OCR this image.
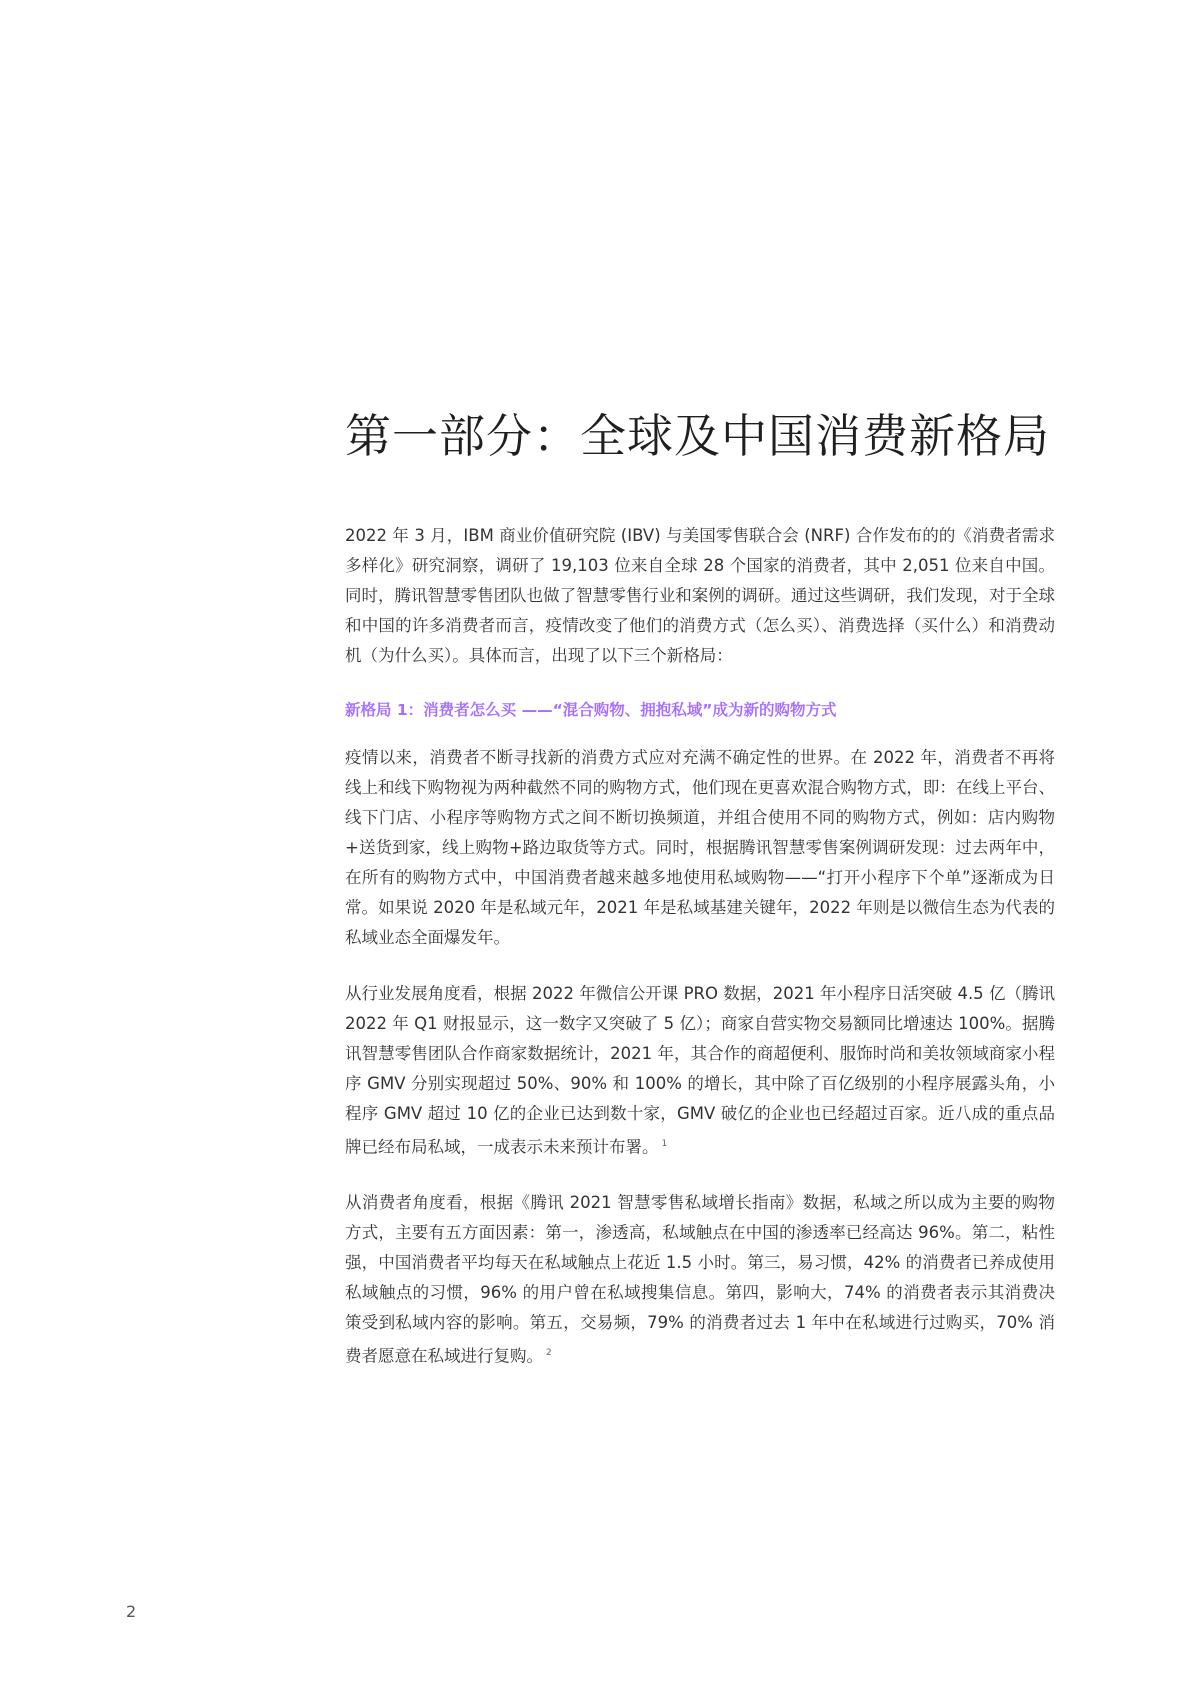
第一部分：全球及中国消费新格局

2022 年 3 月，IBM 商业价值研究院 (IBV) 与美国零售联合会 (NRF) 合作发布的的《消费者需求多样化》研究洞察，调研了 19,103 位来自全球 28 个国家的消费者，其中 2,051 位来自中国。同时，腾讯智慧零售团队也做了智慧零售行业和案例的调研。通过这些调研，我们发现，对于全球和中国的许多消费者而言，疫情改变了他们的消费方式（怎么买）、消费选择（买什么）和消费动机（为什么买）。具体而言，出现了以下三个新格局：

新格局 1：消费者怎么买 ——“混合购物、拥抱私域”成为新的购物方式

疫情以来，消费者不断寻找新的消费方式应对充满不确定性的世界。在 2022 年，消费者不再将线上和线下购物视为两种截然不同的购物方式，他们现在更喜欢混合购物方式，即：在线上平台、线下门店、小程序等购物方式之间不断切换频道，并组合使用不同的购物方式，例如：店内购物+送货到家，线上购物+路边取货等方式。同时，根据腾讯智慧零售案例调研发现：过去两年中，在所有的购物方式中，中国消费者越来越多地使用私域购物——“打开小程序下个单”逐渐成为日常。如果说 2020 年是私域元年，2021 年是私域基建关键年，2022 年则是以微信生态为代表的私域业态全面爆发年。

从行业发展角度看，根据 2022 年微信公开课 PRO 数据，2021 年小程序日活突破 4.5 亿（腾讯 2022 年 Q1 财报显示，这一数字又突破了 5 亿）；商家自营实物交易额同比增速达 100%。据腾讯智慧零售团队合作商家数据统计，2021 年，其合作的商超便利、服饰时尚和美妆领域商家小程序 GMV 分别实现超过 50%、90% 和 100% 的增长，其中除了百亿级别的小程序展露头角，小程序 GMV 超过 10 亿的企业已达到数十家，GMV 破亿的企业也已经超过百家。近八成的重点品牌已经布局私域，一成表示未来预计布署。 $^1$

从消费者角度看，根据《腾讯 2021 智慧零售私域增长指南》数据，私域之所以成为主要的购物方式，主要有五方面因素：第一，渗透高，私域触点在中国的渗透率已经高达 96%。第二，粘性强，中国消费者平均每天在私域触点上花近 1.5 小时。第三，易习惯，42% 的消费者已养成使用私域触点的习惯，96% 的用户曾在私域搜集信息。第四，影响大，74% 的消费者表示其消费决策受到私域内容的影响。第五，交易频，79% 的消费者过去 1 年中在私域进行过购买，70% 消费者愿意在私域进行复购。 $^2$

2
